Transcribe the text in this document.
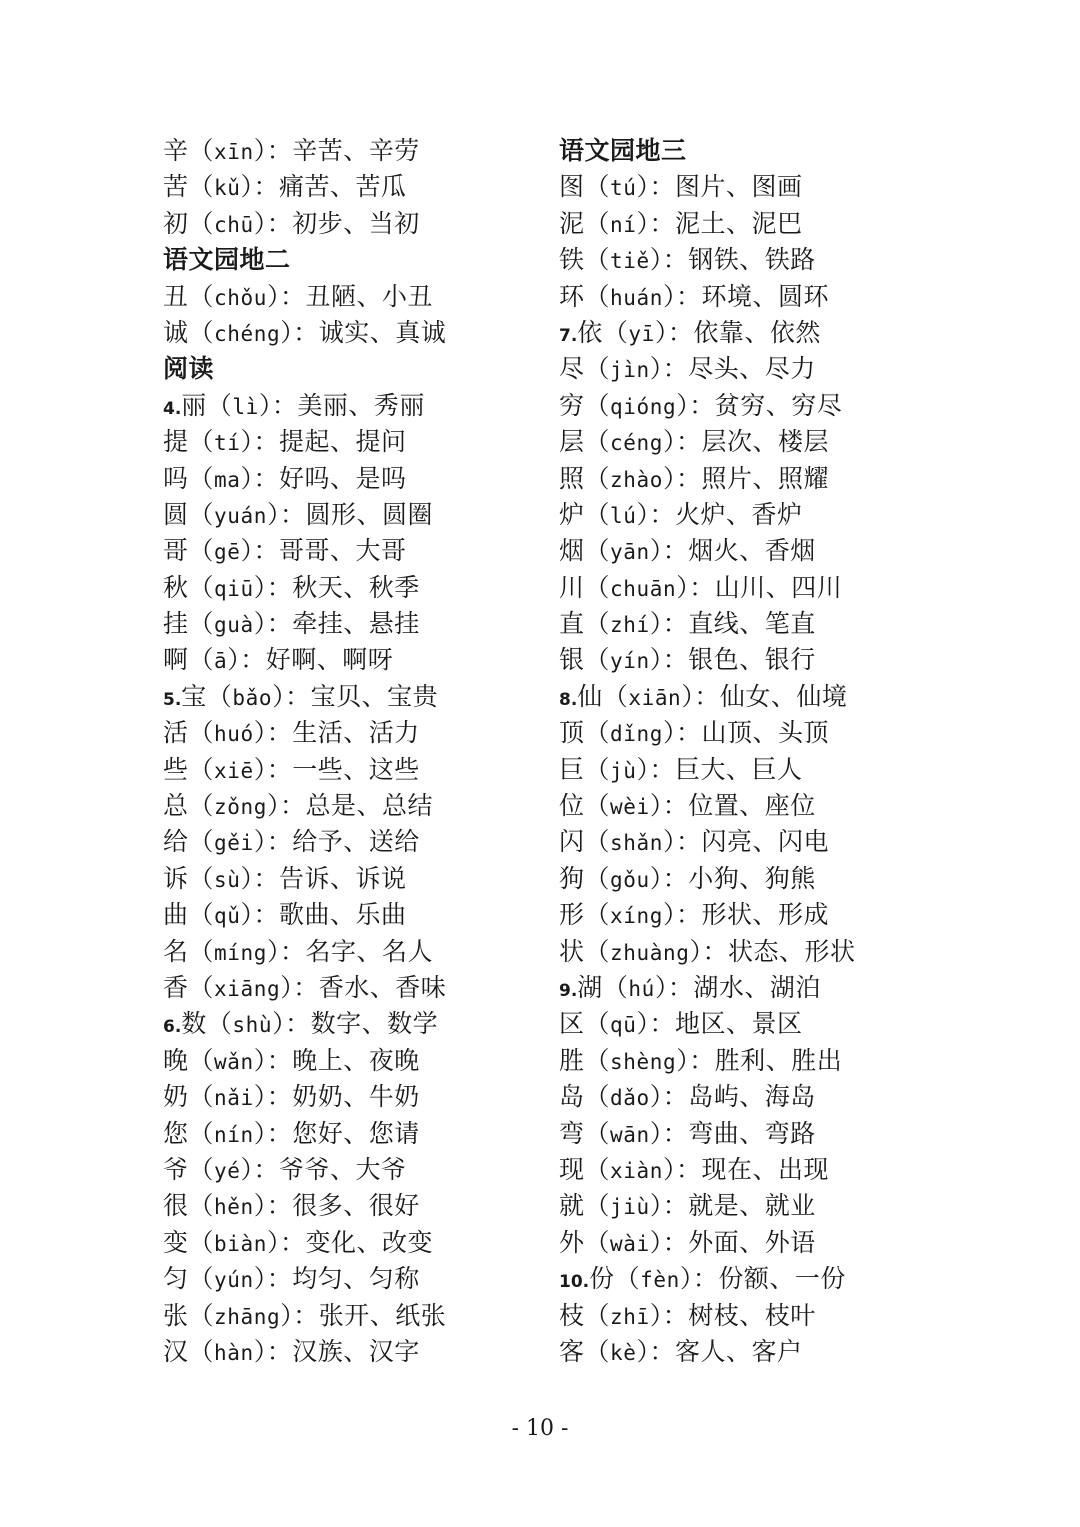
辛（xīn）：辛苦、辛劳
苦（kǔ）：痛苦、苦瓜
初（chū）：初步、当初
语文园地二
丑（chǒu）：丑陋、小丑
诚（chéng）：诚实、真诚
阅读
4.丽（lì）：美丽、秀丽
提（tí）：提起、提问
吗（ma）：好吗、是吗
圆（yuán）：圆形、圆圈
哥（gē）：哥哥、大哥
秋（qiū）：秋天、秋季
挂（guà）：牵挂、悬挂
啊（ā）：好啊、啊呀
5.宝（bǎo）：宝贝、宝贵
活（huó）：生活、活力
些（xiē）：一些、这些
总（zǒng）：总是、总结
给（gěi）：给予、送给
诉（sù）：告诉、诉说
曲（qǔ）：歌曲、乐曲
名（míng）：名字、名人
香（xiāng）：香水、香味
6.数（shù）：数字、数学
晚（wǎn）：晚上、夜晚
奶（nǎi）：奶奶、牛奶
您（nín）：您好、您请
爷（yé）：爷爷、大爷
很（hěn）：很多、很好
变（biàn）：变化、改变
匀（yún）：均匀、匀称
张（zhāng）：张开、纸张
汉（hàn）：汉族、汉字
语文园地三
图（tú）：图片、图画
泥（ní）：泥土、泥巴
铁（tiě）：钢铁、铁路
环（huán）：环境、圆环
7.依（yī）：依靠、依然
尽（jìn）：尽头、尽力
穷（qióng）：贫穷、穷尽
层（céng）：层次、楼层
照（zhào）：照片、照耀
炉（lú）：火炉、香炉
烟（yān）：烟火、香烟
川（chuān）：山川、四川
直（zhí）：直线、笔直
银（yín）：银色、银行
8.仙（xiān）：仙女、仙境
顶（dǐng）：山顶、头顶
巨（jù）：巨大、巨人
位（wèi）：位置、座位
闪（shǎn）：闪亮、闪电
狗（gǒu）：小狗、狗熊
形（xíng）：形状、形成
状（zhuàng）：状态、形状
9.湖（hú）：湖水、湖泊
区（qū）：地区、景区
胜（shèng）：胜利、胜出
岛（dǎo）：岛屿、海岛
弯（wān）：弯曲、弯路
现（xiàn）：现在、出现
就（jiù）：就是、就业
外（wài）：外面、外语
10.份（fèn）：份额、一份
枝（zhī）：树枝、枝叶
客（kè）：客人、客户
- 10 -
